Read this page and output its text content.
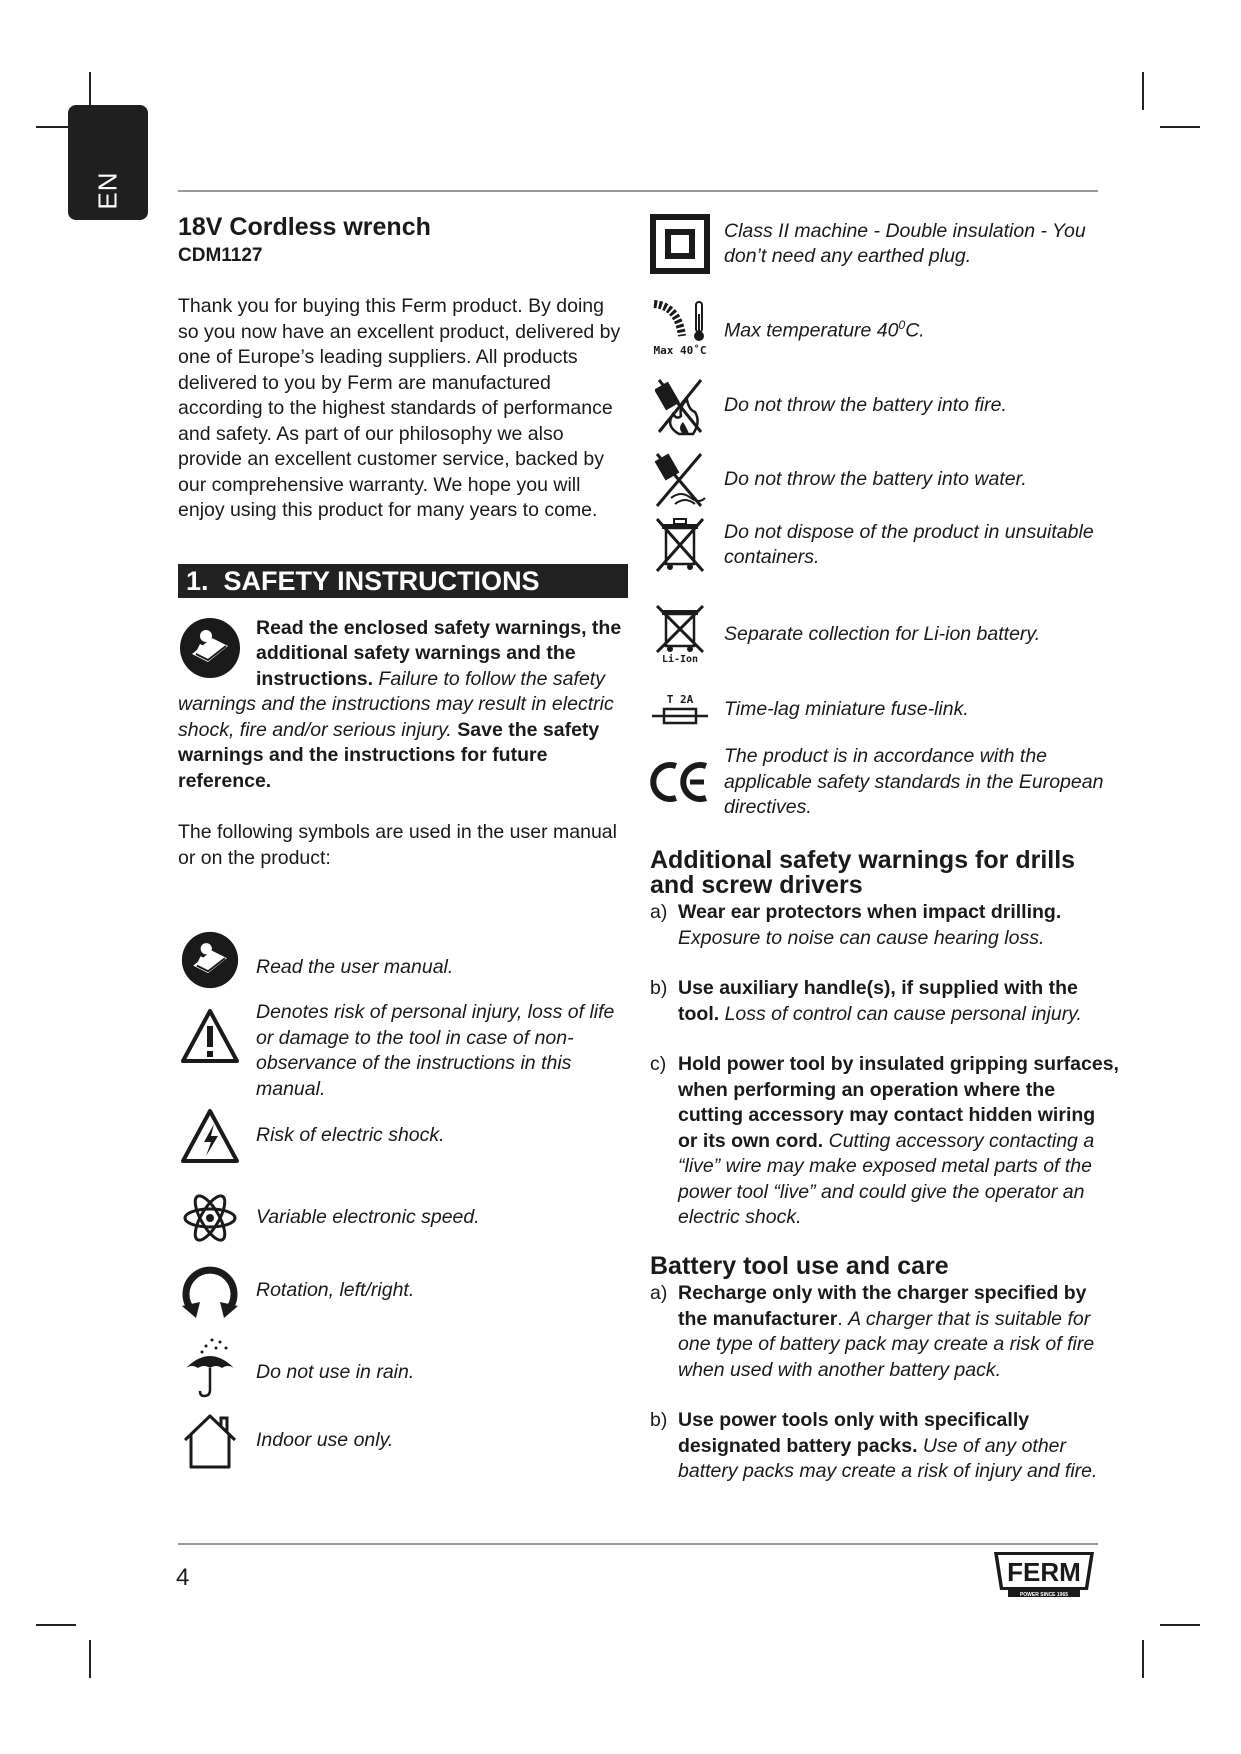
EN
18V Cordless wrench
CDM1127

Thank you for buying this Ferm product. By doing so you now have an excellent product, delivered by one of Europe’s leading suppliers. All products delivered to you by Ferm are manufactured according to the highest standards of performance and safety. As part of our philosophy we also provide an excellent customer service, backed by our comprehensive warranty. We hope you will enjoy using this product for many years to come.

1. SAFETY INSTRUCTIONS
Read the enclosed safety warnings, the additional safety warnings and the instructions. Failure to follow the safety warnings and the instructions may result in electric shock, fire and/or serious injury. Save the safety warnings and the instructions for future reference.
The following symbols are used in the user manual or on the product:
Read the user manual.
Denotes risk of personal injury, loss of life or damage to the tool in case of non-observance of the instructions in this manual.
Risk of electric shock.
Variable electronic speed.
Rotation, left/right.
Do not use in rain.
Indoor use only.
Class II machine - Double insulation - You don’t need any earthed plug.
Max 40˚C
Max temperature $40^0C$.
Do not throw the battery into fire.
Do not throw the battery into water.
Do not dispose of the product in unsuitable containers.
Li-Ion
Separate collection for Li-ion battery.
T 2A Time-lag miniature fuse-link.
The product is in accordance with the applicable safety standards in the European directives.
Additional safety warnings for drills and screw drivers
a) Wear ear protectors when impact drilling.
Exposure to noise can cause hearing loss.
b) Use auxiliary handle(s), if supplied with the tool. Loss of control can cause personal injury.
c) Hold power tool by insulated gripping surfaces, when performing an operation where the cutting accessory may contact hidden wiring or its own cord. Cutting accessory contacting a “live” wire may make exposed metal parts of the power tool “live” and could give the operator an electric shock.
Battery tool use and care
a) Recharge only with the charger specified by the manufacturer. A charger that is suitable for one type of battery pack may create a risk of fire when used with another battery pack.
b) Use power tools only with specifically designated battery packs. Use of any other battery packs may create a risk of injury and fire.
4	FERM
POWER SINCE 1965
